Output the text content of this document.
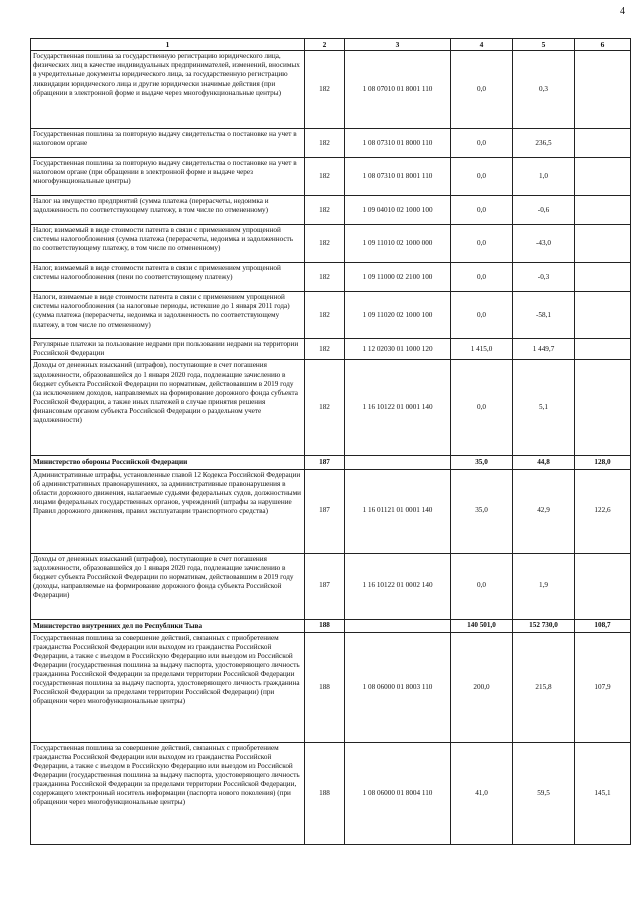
4
1	2	3	4	5	6
Государственная пошлина за государственную регистрацию юридического лица, физических лиц в качестве индивидуальных предпринимателей, изменений, вносимых в учредительные документы юридического лица, за государственную регистрацию ликвидации юридического лица и другие юридически значимые действия (при обращении в электронной форме и выдаче через многофункциональные центры)	182	1 08 07010 01 8001 110	0,0	0,3	
Государственная пошлина за повторную выдачу свидетельства о постановке на учет в налоговом органе	182	1 08 07310 01 8000 110	0,0	236,5	
Государственная пошлина за повторную выдачу свидетельства о постановке на учет в налоговом органе (при обращении в электронной форме и выдаче через многофункциональные центры)	182	1 08 07310 01 8001 110	0,0	1,0	
Налог на имущество предприятий (сумма платежа (перерасчеты, недоимка и задолженность по соответствующему платежу, в том числе по отмененному)	182	1 09 04010 02 1000 100	0,0	-0,6	
Налог, взимаемый в виде стоимости патента в связи с применением упрощенной системы налогообложения (сумма платежа (перерасчеты, недоимка и задолженность по соответствующему платежу, в том числе по отмененному)	182	1 09 11010 02 1000 000	0,0	-43,0	
Налог, взимаемый в виде стоимости патента в связи с применением упрощенной системы налогообложения (пени по соответствующему платежу)	182	1 09 11000 02 2100 100	0,0	-0,3	
Налоги, взимаемые в виде стоимости патента в связи с применением упрощенной системы налогообложения (за налоговые периоды, истекшие до 1 января 2011 года) (сумма платежа (перерасчеты, недоимка и задолженность по соответствующему платежу, в том числе по отмененному)	182	1 09 11020 02 1000 100	0,0	-58,1	
Регулярные платежи за пользование недрами при пользовании недрами на территории Российской Федерации	182	1 12 02030 01 1000 120	1 415,0	1 449,7	
Доходы от денежных взысканий (штрафов), поступающие в счет погашения задолженности, образовавшейся до 1 января 2020 года, подлежащие зачислению в бюджет субъекта Российской Федерации по нормативам, действовавшим в 2019 году (за исключением доходов, направляемых на формирование дорожного фонда субъекта Российской Федерации, а также иных платежей в случае принятия решения финансовым органом субъекта Российской Федерации о раздельном учете задолженности)	182	1 16 10122 01 0001 140	0,0	5,1	
Министерство обороны Российской Федерации	187		35,0	44,8	128,0
Административные штрафы, установленные главой 12 Кодекса Российской Федерации об административных правонарушениях, за административные правонарушения в области дорожного движения, налагаемые судьями федеральных судов, должностными лицами федеральных государственных органов, учреждений (штрафы за нарушение Правил дорожного движения, правил эксплуатации транспортного средства)	187	1 16 01121 01 0001 140	35,0	42,9	122,6
Доходы от денежных взысканий (штрафов), поступающие в счет погашения задолженности, образовавшейся до 1 января 2020 года, подлежащие зачислению в бюджет субъекта Российской Федерации по нормативам, действовавшим в 2019 году (доходы, направляемые на формирование дорожного фонда субъекта Российской Федерации)	187	1 16 10122 01 0002 140	0,0	1,9	
Министерство внутренних дел по Республики Тыва	188		140 501,0	152 730,0	108,7
Государственная пошлина за совершение действий, связанных с приобретением гражданства Российской Федерации или выходом из гражданства Российской Федерации, а также с въездом в Российскую Федерацию или выездом из Российской Федерации (государственная пошлина за выдачу паспорта, удостоверяющего личность гражданина Российской Федерации за пределами территории Российской Федерации государственная пошлина за выдачу паспорта, удостоверяющего личность гражданина Российской Федерации за пределами территории Российской Федерации) (при обращении через многофункциональные центры)	188	1 08 06000 01 8003 110	200,0	215,8	107,9
Государственная пошлина за совершение действий, связанных с приобретением гражданства Российской Федерации или выходом из гражданства Российской Федерации, а также с въездом в Российскую Федерацию или выездом из Российской Федерации (государственная пошлина за выдачу паспорта, удостоверяющего личность гражданина Российской Федерации за пределами территории Российской Федерации, содержащего электронный носитель информации (паспорта нового поколения) (при обращении через многофункциональные центры)	188	1 08 06000 01 8004 110	41,0	59,5	145,1
